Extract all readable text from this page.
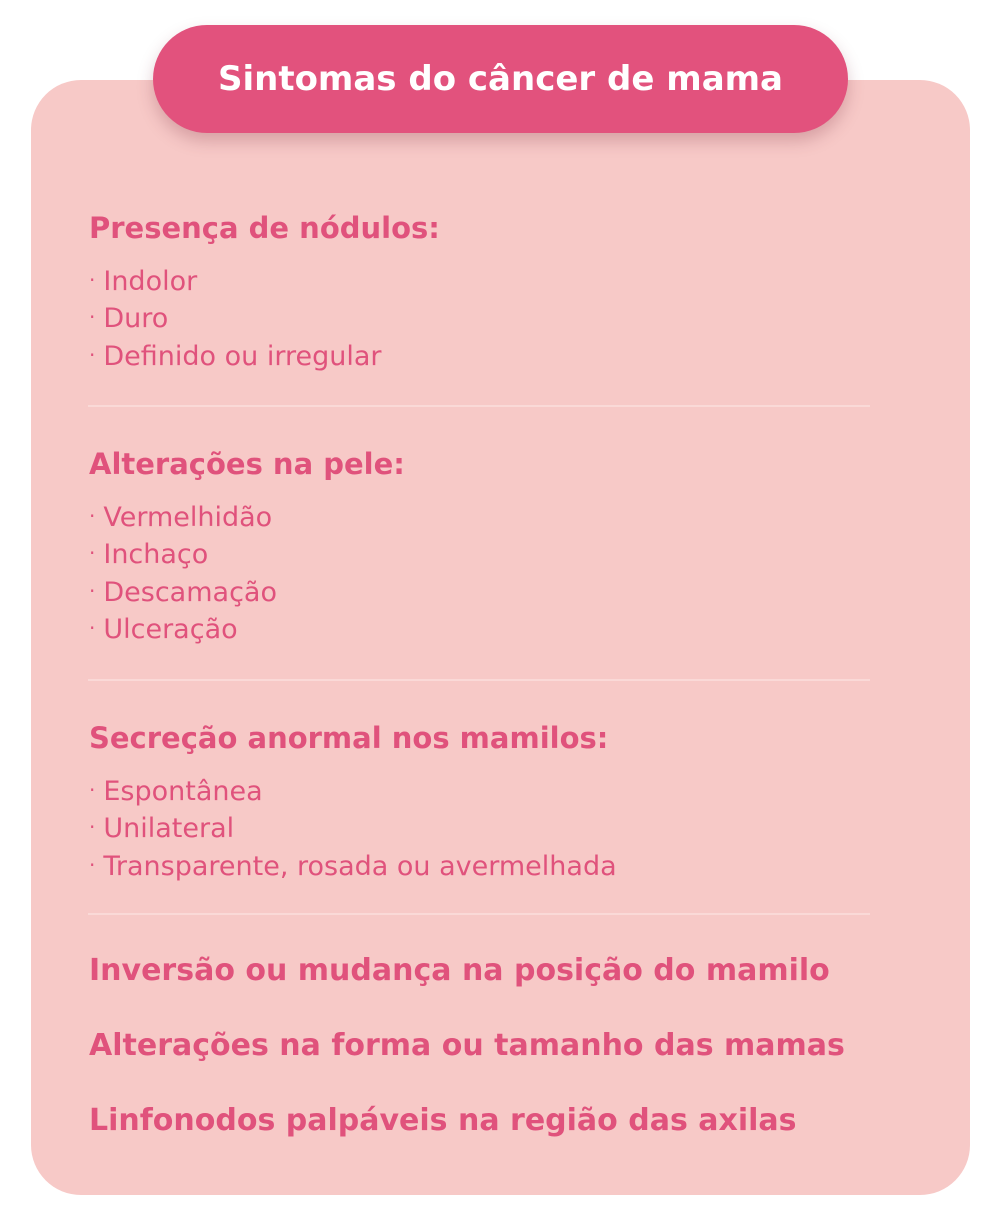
Sintomas do câncer de mama
Presença de nódulos:
· Indolor
· Duro
· Definido ou irregular
Alterações na pele:
· Vermelhidão
· Inchaço
· Descamação
· Ulceração
Secreção anormal nos mamilos:
· Espontânea
· Unilateral
· Transparente, rosada ou avermelhada
Inversão ou mudança na posição do mamilo
Alterações na forma ou tamanho das mamas
Linfonodos palpáveis na região das axilas
